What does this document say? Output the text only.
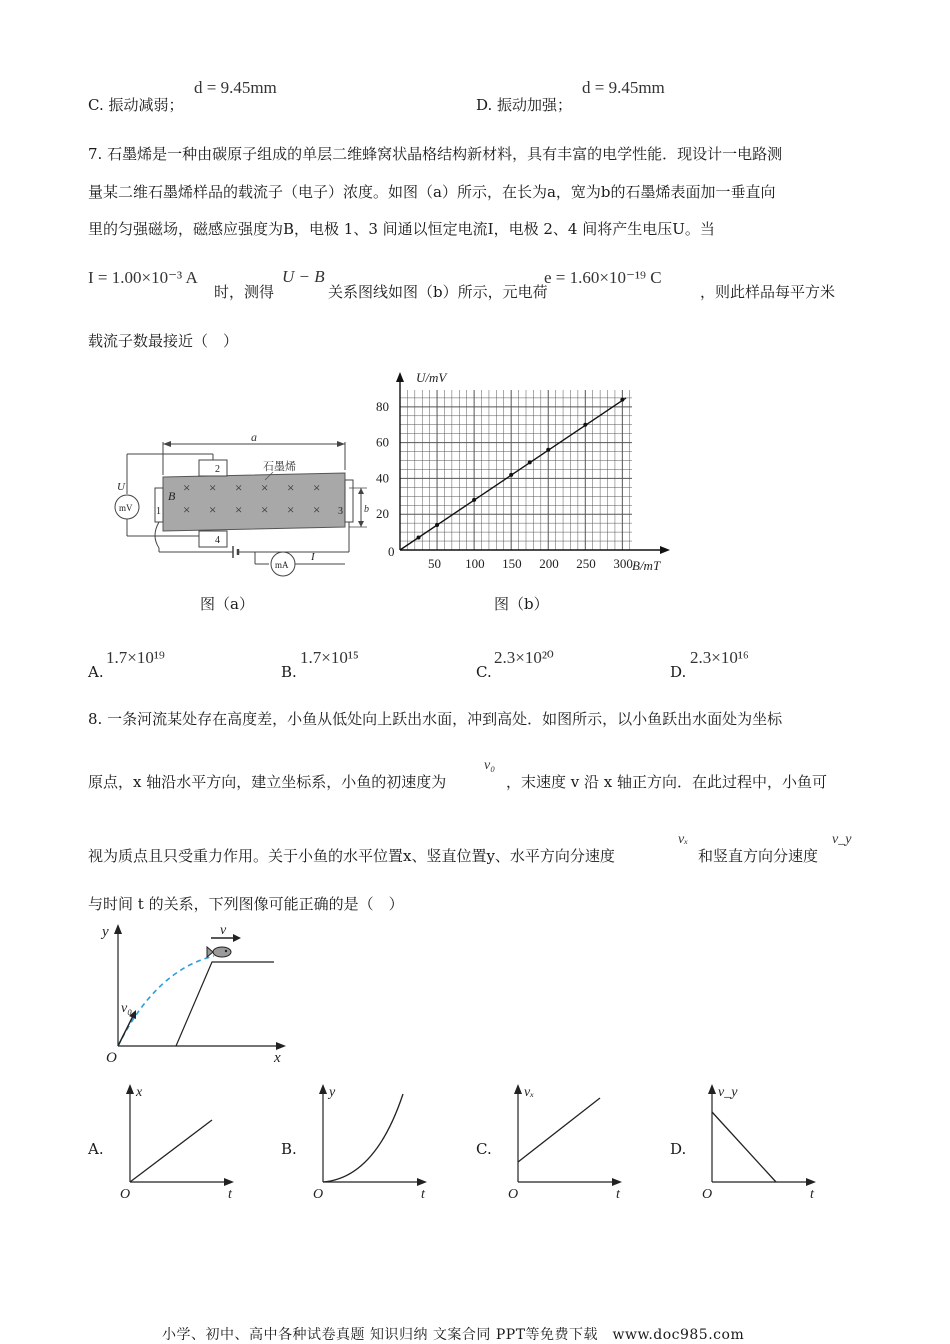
C. 振动减弱；
d = 9.45mm
D. 振动加强；
d = 9.45mm
7. 石墨烯是一种由碳原子组成的单层二维蜂窝状晶格结构新材料，具有丰富的电学性能．现设计一电路测
量某二维石墨烯样品的载流子（电子）浓度。如图（a）所示，在长为a，宽为b的石墨烯表面加一垂直向
里的匀强磁场，磁感应强度为B，电极 1、3 间通以恒定电流I，电极 2、4 间将产生电压U。当
I = 1.00×10⁻³ A
时，测得
U − B
关系图线如图（b）所示，元电荷
e = 1.60×10⁻¹⁹ C
，则此样品每平方米
载流子数最接近（　）
a
石墨烯
× × × × × ×
× × × × × ×
B
2
4
1	3 b
mV
U
mA
I
图（a）
U/mV
B/mT
0
50 100 150 200 250 300
20
40
60
80
图（b）
A.
1.7×10¹⁹
B.
1.7×10¹⁵
C.
2.3×10²⁰
D.
2.3×10¹⁶
8. 一条河流某处存在高度差，小鱼从低处向上跃出水面，冲到高处．如图所示，以小鱼跃出水面处为坐标
原点，x 轴沿水平方向，建立坐标系，小鱼的初速度为
v₀
，末速度 v 沿 x 轴正方向．在此过程中，小鱼可
视为质点且只受重力作用。关于小鱼的水平位置x、竖直位置y、水平方向分速度
vₓ
和竖直方向分速度
v_y
与时间 t 的关系，下列图像可能正确的是（　）
y
x
O
v₀
v
A.
x
t
O
B.
y
t
O
C.
vₓ
t
O
D.
v_y
t
O
小学、初中、高中各种试卷真题 知识归纳 文案合同 PPT等免费下载　www.doc985.com
